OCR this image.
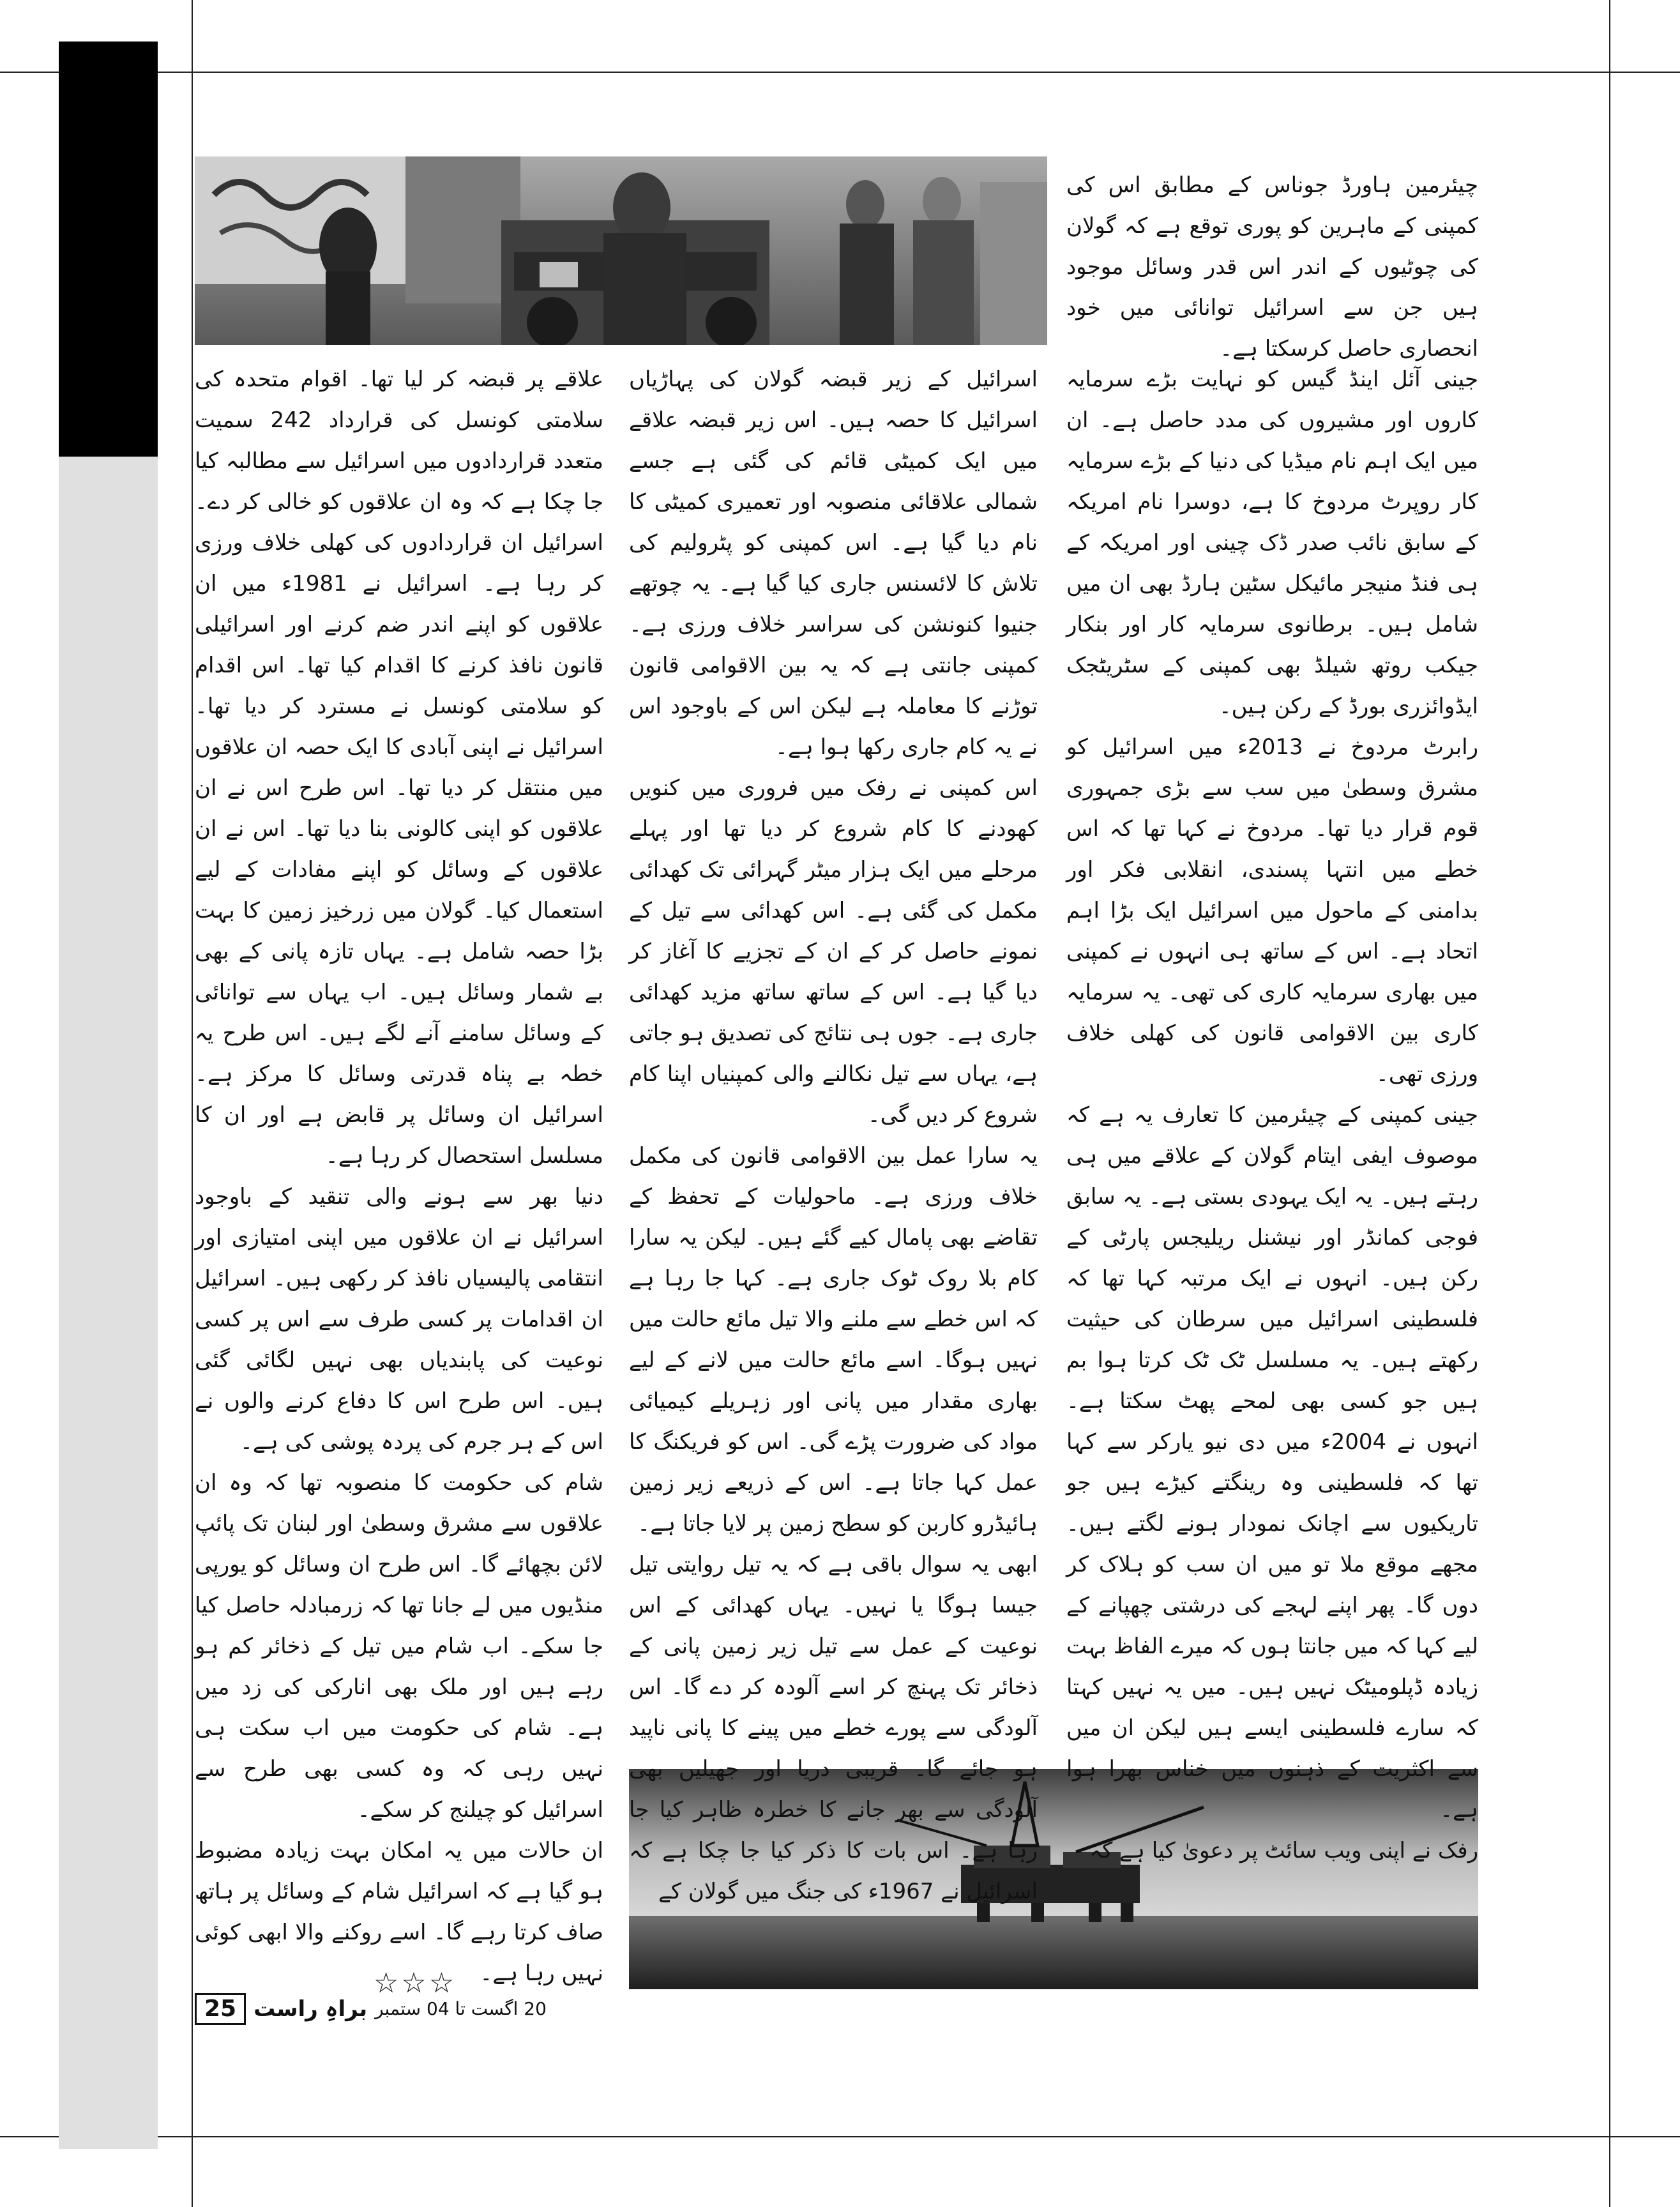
چیئرمین ہاورڈ جوناس کے مطابق اس کی کمپنی کے ماہرین کو پوری توقع ہے کہ گولان کی چوٹیوں کے اندر اس قدر وسائل موجود ہیں جن سے اسرائیل توانائی میں خود انحصاری حاصل کرسکتا ہے۔

جینی آئل اینڈ گیس کو نہایت بڑے سرمایہ کاروں اور مشیروں کی مدد حاصل ہے۔ ان میں ایک اہم نام میڈیا کی دنیا کے بڑے سرمایہ کار روپرٹ مردوخ کا ہے، دوسرا نام امریکہ کے سابق نائب صدر ڈک چینی اور امریکہ کے ہی فنڈ منیجر مائیکل سٹین ہارڈ بھی ان میں شامل ہیں۔ برطانوی سرمایہ کار اور بنکار جیکب روتھ شیلڈ بھی کمپنی کے سٹریٹجک ایڈوائزری بورڈ کے رکن ہیں۔

رابرٹ مردوخ نے 2013ء میں اسرائیل کو مشرق وسطیٰ میں سب سے بڑی جمہوری قوم قرار دیا تھا۔ مردوخ نے کہا تھا کہ اس خطے میں انتہا پسندی، انقلابی فکر اور بدامنی کے ماحول میں اسرائیل ایک بڑا اہم اتحاد ہے۔ اس کے ساتھ ہی انہوں نے کمپنی میں بھاری سرمایہ کاری کی تھی۔ یہ سرمایہ کاری بین الاقوامی قانون کی کھلی خلاف ورزی تھی۔

جینی کمپنی کے چیئرمین کا تعارف یہ ہے کہ موصوف ایفی ایتام گولان کے علاقے میں ہی رہتے ہیں۔ یہ ایک یہودی بستی ہے۔ یہ سابق فوجی کمانڈر اور نیشنل ریلیجس پارٹی کے رکن ہیں۔ انہوں نے ایک مرتبہ کہا تھا کہ فلسطینی اسرائیل میں سرطان کی حیثیت رکھتے ہیں۔ یہ مسلسل ٹک ٹک کرتا ہوا بم ہیں جو کسی بھی لمحے پھٹ سکتا ہے۔ انہوں نے 2004ء میں دی نیو یارکر سے کہا تھا کہ فلسطینی وہ رینگتے کیڑے ہیں جو تاریکیوں سے اچانک نمودار ہونے لگتے ہیں۔ مجھے موقع ملا تو میں ان سب کو ہلاک کر دوں گا۔ پھر اپنے لہجے کی درشتی چھپانے کے لیے کہا کہ میں جانتا ہوں کہ میرے الفاظ بہت زیادہ ڈپلومیٹک نہیں ہیں۔ میں یہ نہیں کہتا کہ سارے فلسطینی ایسے ہیں لیکن ان میں سے اکثریت کے ذہنوں میں خناس بھرا ہوا ہے۔

رفک نے اپنی ویب سائٹ پر دعویٰ کیا ہے کہ

اسرائیل کے زیر قبضہ گولان کی پہاڑیاں اسرائیل کا حصہ ہیں۔ اس زیر قبضہ علاقے میں ایک کمیٹی قائم کی گئی ہے جسے شمالی علاقائی منصوبہ اور تعمیری کمیٹی کا نام دیا گیا ہے۔ اس کمپنی کو پٹرولیم کی تلاش کا لائسنس جاری کیا گیا ہے۔ یہ چوتھے جنیوا کنونشن کی سراسر خلاف ورزی ہے۔ کمپنی جانتی ہے کہ یہ بین الاقوامی قانون توڑنے کا معاملہ ہے لیکن اس کے باوجود اس نے یہ کام جاری رکھا ہوا ہے۔

اس کمپنی نے رفک میں فروری میں کنویں کھودنے کا کام شروع کر دیا تھا اور پہلے مرحلے میں ایک ہزار میٹر گہرائی تک کھدائی مکمل کی گئی ہے۔ اس کھدائی سے تیل کے نمونے حاصل کر کے ان کے تجزیے کا آغاز کر دیا گیا ہے۔ اس کے ساتھ ساتھ مزید کھدائی جاری ہے۔ جوں ہی نتائج کی تصدیق ہو جاتی ہے، یہاں سے تیل نکالنے والی کمپنیاں اپنا کام شروع کر دیں گی۔

یہ سارا عمل بین الاقوامی قانون کی مکمل خلاف ورزی ہے۔ ماحولیات کے تحفظ کے تقاضے بھی پامال کیے گئے ہیں۔ لیکن یہ سارا کام بلا روک ٹوک جاری ہے۔ کہا جا رہا ہے کہ اس خطے سے ملنے والا تیل مائع حالت میں نہیں ہوگا۔ اسے مائع حالت میں لانے کے لیے بھاری مقدار میں پانی اور زہریلے کیمیائی مواد کی ضرورت پڑے گی۔ اس کو فریکنگ کا عمل کہا جاتا ہے۔ اس کے ذریعے زیر زمین ہائیڈرو کاربن کو سطح زمین پر لایا جاتا ہے۔

ابھی یہ سوال باقی ہے کہ یہ تیل روایتی تیل جیسا ہوگا یا نہیں۔ یہاں کھدائی کے اس نوعیت کے عمل سے تیل زیر زمین پانی کے ذخائر تک پہنچ کر اسے آلودہ کر دے گا۔ اس آلودگی سے پورے خطے میں پینے کا پانی ناپید ہو جائے گا۔ قریبی دریا اور جھیلیں بھی آلودگی سے بھر جانے کا خطرہ ظاہر کیا جا رہا ہے۔ اس بات کا ذکر کیا جا چکا ہے کہ اسرائیل نے 1967ء کی جنگ میں گولان کے

علاقے پر قبضہ کر لیا تھا۔ اقوام متحدہ کی سلامتی کونسل کی قرارداد 242 سمیت متعدد قراردادوں میں اسرائیل سے مطالبہ کیا جا چکا ہے کہ وہ ان علاقوں کو خالی کر دے۔ اسرائیل ان قراردادوں کی کھلی خلاف ورزی کر رہا ہے۔ اسرائیل نے 1981ء میں ان علاقوں کو اپنے اندر ضم کرنے اور اسرائیلی قانون نافذ کرنے کا اقدام کیا تھا۔ اس اقدام کو سلامتی کونسل نے مسترد کر دیا تھا۔ اسرائیل نے اپنی آبادی کا ایک حصہ ان علاقوں میں منتقل کر دیا تھا۔ اس طرح اس نے ان علاقوں کو اپنی کالونی بنا دیا تھا۔ اس نے ان علاقوں کے وسائل کو اپنے مفادات کے لیے استعمال کیا۔ گولان میں زرخیز زمین کا بہت بڑا حصہ شامل ہے۔ یہاں تازہ پانی کے بھی بے شمار وسائل ہیں۔ اب یہاں سے توانائی کے وسائل سامنے آنے لگے ہیں۔ اس طرح یہ خطہ بے پناہ قدرتی وسائل کا مرکز ہے۔ اسرائیل ان وسائل پر قابض ہے اور ان کا مسلسل استحصال کر رہا ہے۔

دنیا بھر سے ہونے والی تنقید کے باوجود اسرائیل نے ان علاقوں میں اپنی امتیازی اور انتقامی پالیسیاں نافذ کر رکھی ہیں۔ اسرائیل ان اقدامات پر کسی طرف سے اس پر کسی نوعیت کی پابندیاں بھی نہیں لگائی گئی ہیں۔ اس طرح اس کا دفاع کرنے والوں نے اس کے ہر جرم کی پردہ پوشی کی ہے۔

شام کی حکومت کا منصوبہ تھا کہ وہ ان علاقوں سے مشرق وسطیٰ اور لبنان تک پائپ لائن بچھائے گا۔ اس طرح ان وسائل کو یورپی منڈیوں میں لے جانا تھا کہ زرمبادلہ حاصل کیا جا سکے۔ اب شام میں تیل کے ذخائر کم ہو رہے ہیں اور ملک بھی انارکی کی زد میں ہے۔ شام کی حکومت میں اب سکت ہی نہیں رہی کہ وہ کسی بھی طرح سے اسرائیل کو چیلنج کر سکے۔

ان حالات میں یہ امکان بہت زیادہ مضبوط ہو گیا ہے کہ اسرائیل شام کے وسائل پر ہاتھ صاف کرتا رہے گا۔ اسے روکنے والا ابھی کوئی نہیں رہا ہے۔

☆☆☆
25 براہِ راست 20 اگست تا 04 ستمبر
